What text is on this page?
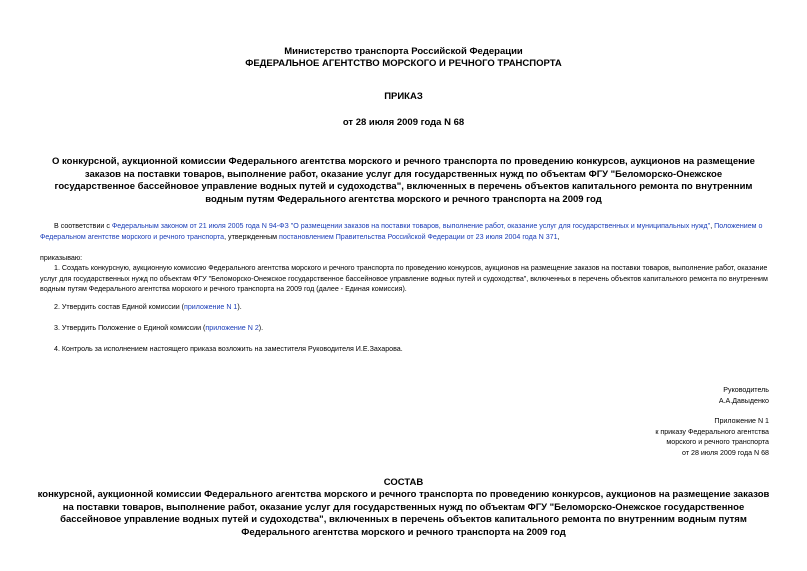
Министерство транспорта Российской Федерации
ФЕДЕРАЛЬНОЕ АГЕНТСТВО МОРСКОГО И РЕЧНОГО ТРАНСПОРТА
ПРИКАЗ
от 28 июля 2009 года N 68
О конкурсной, аукционной комиссии Федерального агентства морского и речного транспорта по проведению конкурсов, аукционов на размещение заказов на поставки товаров, выполнение работ, оказание услуг для государственных нужд по объектам ФГУ "Беломорско-Онежское государственное бассейновое управление водных путей и судоходства", включенных в перечень объектов капитального ремонта по внутренним водным путям Федерального агентства морского и речного транспорта на 2009 год
В соответствии с Федеральным законом от 21 июля 2005 года N 94-ФЗ "О размещении заказов на поставки товаров, выполнение работ, оказание услуг для государственных и муниципальных нужд", Положением о Федеральном агентстве морского и речного транспорта, утвержденным постановлением Правительства Российской Федерации от 23 июля 2004 года N 371,
приказываю:
1. Создать конкурсную, аукционную комиссию Федерального агентства морского и речного транспорта по проведению конкурсов, аукционов на размещение заказов на поставки товаров, выполнение работ, оказание услуг для государственных нужд по объектам ФГУ "Беломорско-Онежское государственное бассейновое управление водных путей и судоходства", включенных в перечень объектов капитального ремонта по внутренним водным путям Федерального агентства морского и речного транспорта на 2009 год (далее - Единая комиссия).
2. Утвердить состав Единой комиссии (приложение N 1).
3. Утвердить Положение о Единой комиссии (приложение N 2).
4. Контроль за исполнением настоящего приказа возложить на заместителя Руководителя И.Е.Захарова.
Руководитель
А.А.Давыденко
Приложение N 1
к приказу Федерального агентства
морского и речного транспорта
от 28 июля 2009 года N 68
СОСТАВ
конкурсной, аукционной комиссии Федерального агентства морского и речного транспорта по проведению конкурсов, аукционов на размещение заказов на поставки товаров, выполнение работ, оказание услуг для государственных нужд по объектам ФГУ "Беломорско-Онежское государственное бассейновое управление водных путей и судоходства", включенных в перечень объектов капитального ремонта по внутренним водным путям Федерального агентства морского и речного транспорта на 2009 год
